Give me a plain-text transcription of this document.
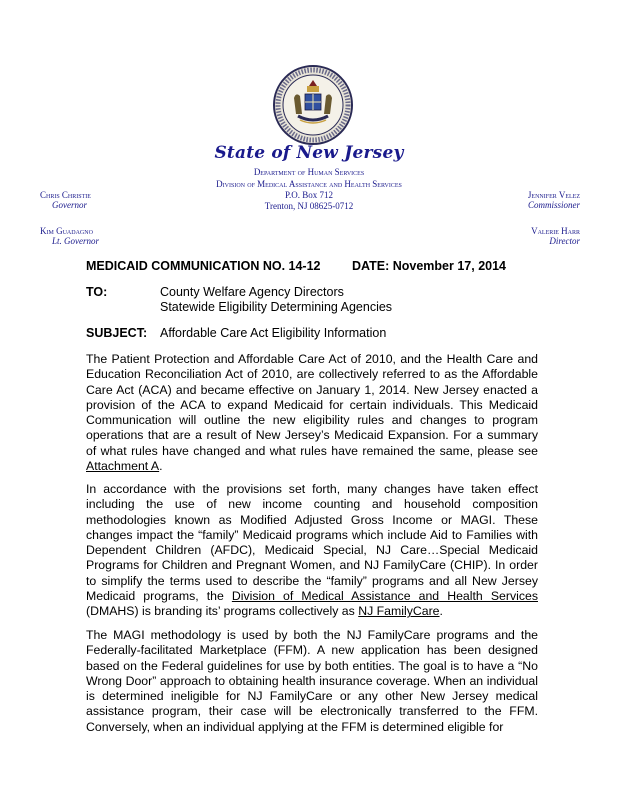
State of New Jersey
Department of Human Services
Division of Medical Assistance and Health Services
P.O. Box 712
Trenton, NJ 08625-0712
Chris Christie
Governor
Kim Guadagno
Lt. Governor
Jennifer Velez
Commissioner
Valerie Harr
Director
MEDICAID COMMUNICATION NO. 14-12	DATE: November 17, 2014
TO:	County Welfare Agency Directors
Statewide Eligibility Determining Agencies
SUBJECT: Affordable Care Act Eligibility Information

The Patient Protection and Affordable Care Act of 2010, and the Health Care and Education Reconciliation Act of 2010, are collectively referred to as the Affordable Care Act (ACA) and became effective on January 1, 2014. New Jersey enacted a provision of the ACA to expand Medicaid for certain individuals. This Medicaid Communication will outline the new eligibility rules and changes to program operations that are a result of New Jersey’s Medicaid Expansion. For a summary of what rules have changed and what rules have remained the same, please see Attachment A.

In accordance with the provisions set forth, many changes have taken effect including the use of new income counting and household composition methodologies known as Modified Adjusted Gross Income or MAGI. These changes impact the “family” Medicaid programs which include Aid to Families with Dependent Children (AFDC), Medicaid Special, NJ Care…Special Medicaid Programs for Children and Pregnant Women, and NJ FamilyCare (CHIP). In order to simplify the terms used to describe the “family” programs and all New Jersey Medicaid programs, the Division of Medical Assistance and Health Services (DMAHS) is branding its’ programs collectively as NJ FamilyCare.

The MAGI methodology is used by both the NJ FamilyCare programs and the Federally-facilitated Marketplace (FFM). A new application has been designed based on the Federal guidelines for use by both entities. The goal is to have a “No Wrong Door” approach to obtaining health insurance coverage. When an individual is determined ineligible for NJ FamilyCare or any other New Jersey medical assistance program, their case will be electronically transferred to the FFM. Conversely, when an individual applying at the FFM is determined eligible for
